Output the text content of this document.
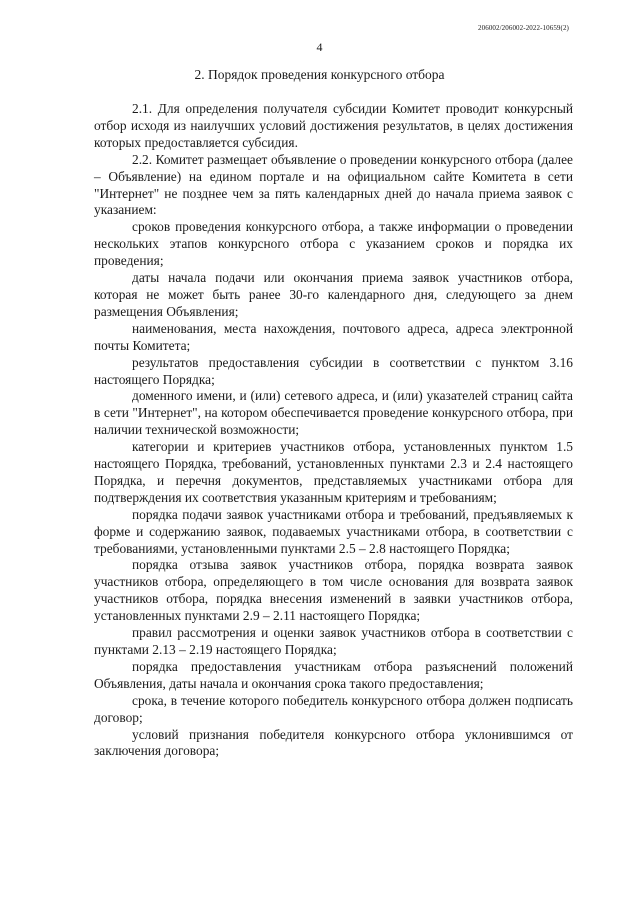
206002/206002-2022-10659(2)
4
2. Порядок проведения конкурсного отбора

2.1. Для определения получателя субсидии Комитет проводит конкурсный отбор исходя из наилучших условий достижения результатов, в целях достижения которых предоставляется субсидия.

2.2. Комитет размещает объявление о проведении конкурсного отбора (далее – Объявление) на едином портале и на официальном сайте Комитета в сети "Интернет" не позднее чем за пять календарных дней до начала приема заявок с указанием:

сроков проведения конкурсного отбора, а также информации о проведении нескольких этапов конкурсного отбора с указанием сроков и порядка их проведения;

даты начала подачи или окончания приема заявок участников отбора, которая не может быть ранее 30-го календарного дня, следующего за днем размещения Объявления;

наименования, места нахождения, почтового адреса, адреса электронной почты Комитета;

результатов предоставления субсидии в соответствии с пунктом 3.16 настоящего Порядка;

доменного имени, и (или) сетевого адреса, и (или) указателей страниц сайта в сети "Интернет", на котором обеспечивается проведение конкурсного отбора, при наличии технической возможности;

категории и критериев участников отбора, установленных пунктом 1.5 настоящего Порядка, требований, установленных пунктами 2.3 и 2.4 настоящего Порядка, и перечня документов, представляемых участниками отбора для подтверждения их соответствия указанным критериям и требованиям;

порядка подачи заявок участниками отбора и требований, предъявляемых к форме и содержанию заявок, подаваемых участниками отбора, в соответствии с требованиями, установленными пунктами 2.5 – 2.8 настоящего Порядка;

порядка отзыва заявок участников отбора, порядка возврата заявок участников отбора, определяющего в том числе основания для возврата заявок участников отбора, порядка внесения изменений в заявки участников отбора, установленных пунктами 2.9 – 2.11 настоящего Порядка;

правил рассмотрения и оценки заявок участников отбора в соответствии с пунктами 2.13 – 2.19 настоящего Порядка;

порядка предоставления участникам отбора разъяснений положений Объявления, даты начала и окончания срока такого предоставления;

срока, в течение которого победитель конкурсного отбора должен подписать договор;

условий признания победителя конкурсного отбора уклонившимся от заключения договора;
